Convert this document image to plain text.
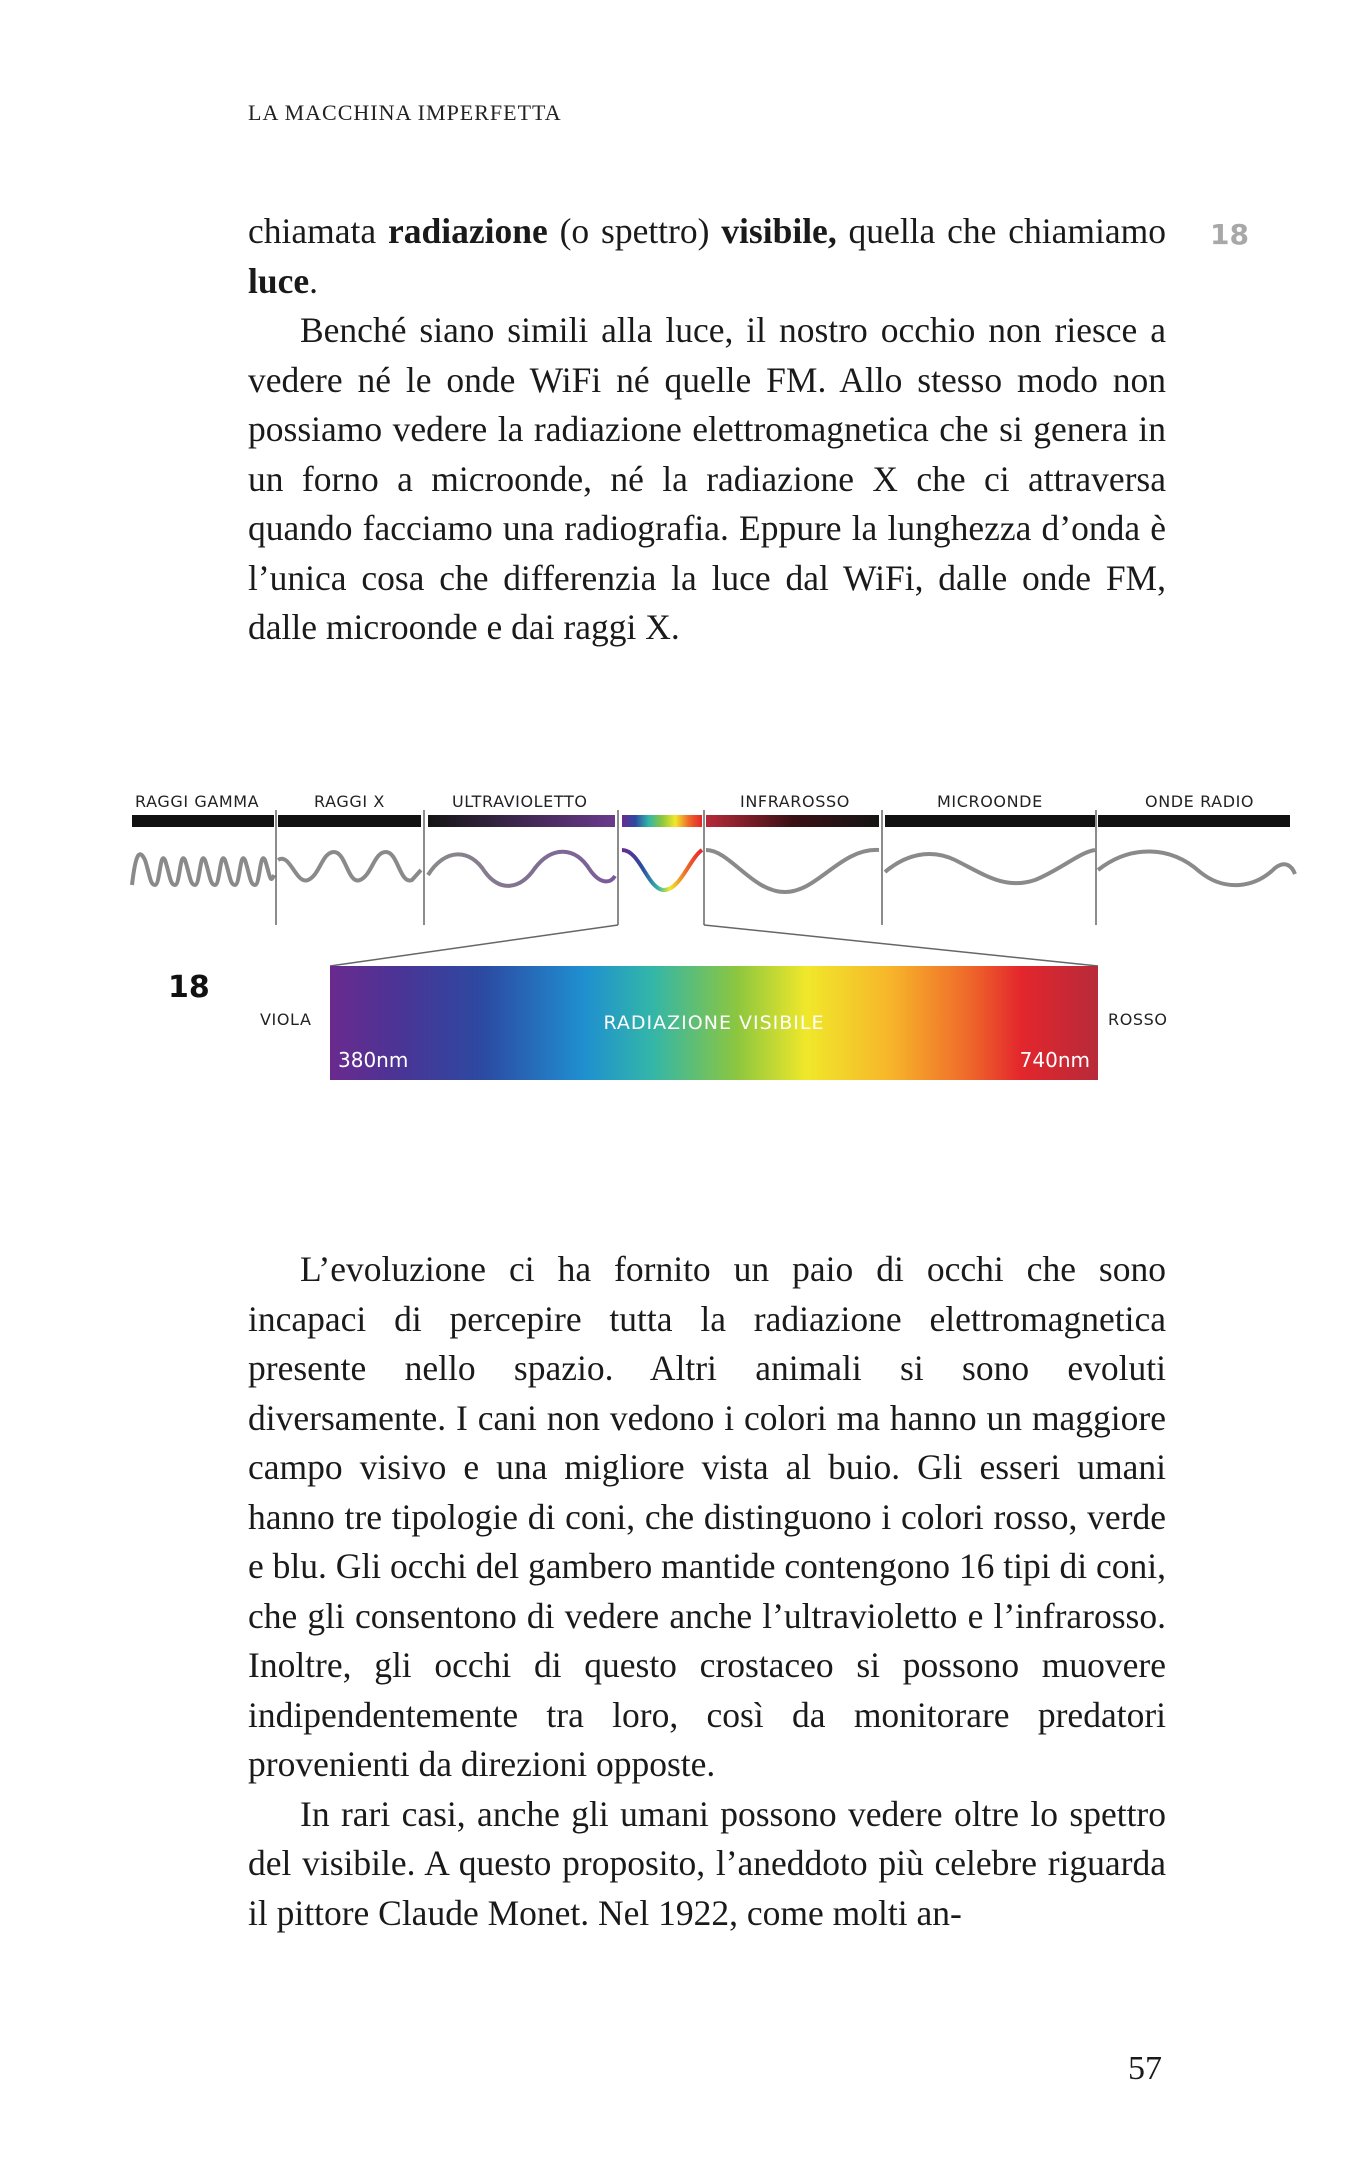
LA MACCHINA IMPERFETTA
18

chiamata radiazione (o spettro) visibile, quella che chiamiamo luce.

Benché siano simili alla luce, il nostro occhio non riesce a vedere né le onde WiFi né quelle FM. Allo stesso modo non possiamo vedere la radiazione elettromagnetica che si genera in un forno a microonde, né la radiazione X che ci attraversa quando facciamo una radiografia. Eppure la lunghezza d’onda è l’unica cosa che differenzia la luce dal WiFi, dalle onde FM, dalle microonde e dai raggi X.

RAGGI GAMMA	RAGGI X	ULTRAVIOLETTO	INFRAROSSO	MICROONDE	ONDE RADIO
18
VIOLA	ROSSO
RADIAZIONE VISIBILE
380nm	740nm

L’evoluzione ci ha fornito un paio di occhi che sono incapaci di percepire tutta la radiazione elettromagnetica presente nello spazio. Altri animali si sono evoluti diversamente. I cani non vedono i colori ma hanno un maggiore campo visivo e una migliore vista al buio. Gli esseri umani hanno tre tipologie di coni, che distinguono i colori rosso, verde e blu. Gli occhi del gambero mantide contengono 16 tipi di coni, che gli consentono di vedere anche l’ultravioletto e l’infrarosso. Inoltre, gli occhi di questo crostaceo si possono muovere indipendentemente tra loro, così da monitorare predatori provenienti da direzioni opposte.

In rari casi, anche gli umani possono vedere oltre lo spettro del visibile. A questo proposito, l’aneddoto più celebre riguarda il pittore Claude Monet. Nel 1922, come molti an-

57
